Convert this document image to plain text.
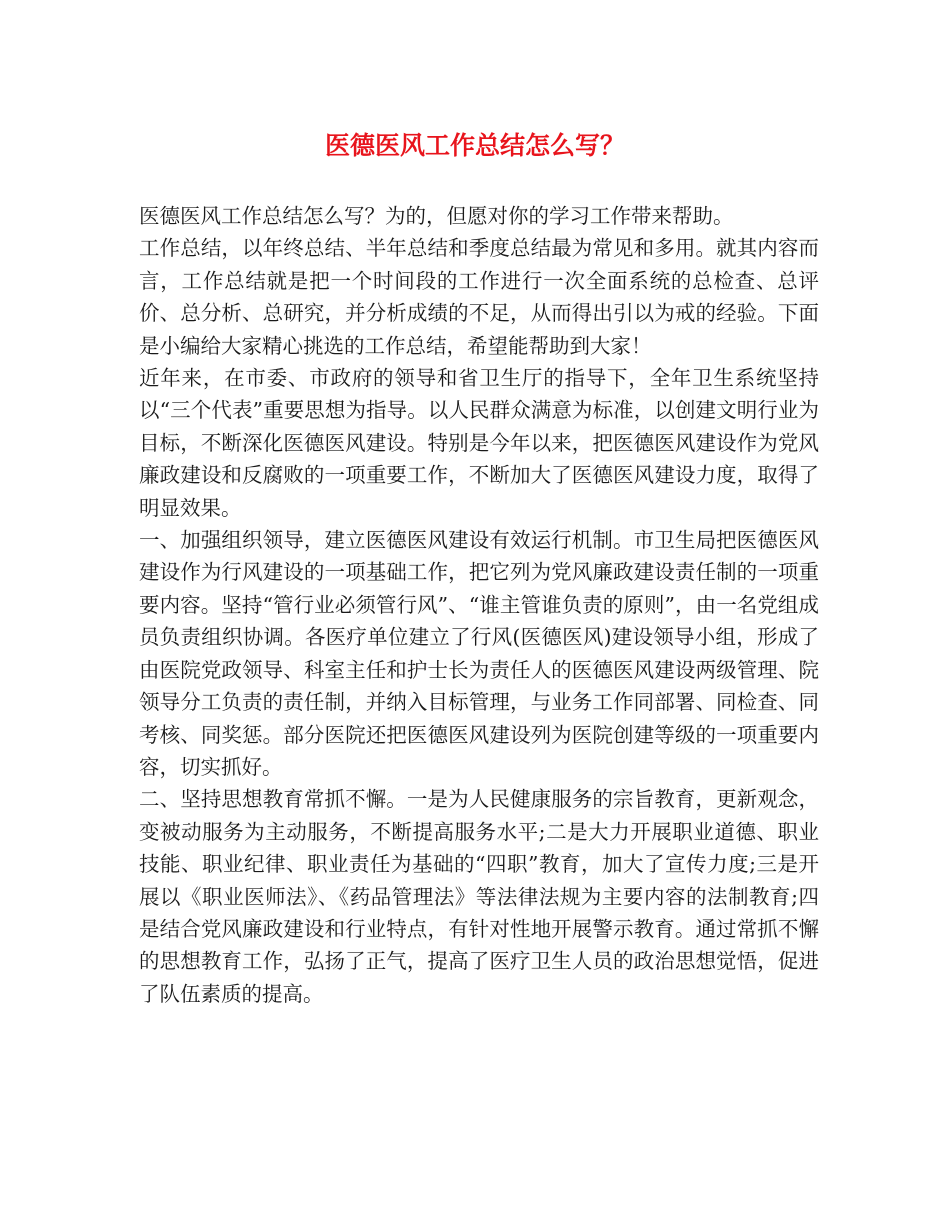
医德医风工作总结怎么写？

医德医风工作总结怎么写？为的，但愿对你的学习工作带来帮助。

工作总结，以年终总结、半年总结和季度总结最为常见和多用。就其内容而言，工作总结就是把一个时间段的工作进行一次全面系统的总检查、总评价、总分析、总研究，并分析成绩的不足，从而得出引以为戒的经验。下面是小编给大家精心挑选的工作总结，希望能帮助到大家！

近年来，在市委、市政府的领导和省卫生厅的指导下，全年卫生系统坚持以“三个代表”重要思想为指导。以人民群众满意为标准，以创建文明行业为目标，不断深化医德医风建设。特别是今年以来，把医德医风建设作为党风廉政建设和反腐败的一项重要工作，不断加大了医德医风建设力度，取得了明显效果。

一、加强组织领导，建立医德医风建设有效运行机制。市卫生局把医德医风建设作为行风建设的一项基础工作，把它列为党风廉政建设责任制的一项重要内容。坚持“管行业必须管行风”、“谁主管谁负责的原则”，由一名党组成员负责组织协调。各医疗单位建立了行风(医德医风)建设领导小组，形成了由医院党政领导、科室主任和护士长为责任人的医德医风建设两级管理、院领导分工负责的责任制，并纳入目标管理，与业务工作同部署、同检查、同考核、同奖惩。部分医院还把医德医风建设列为医院创建等级的一项重要内容，切实抓好。

二、坚持思想教育常抓不懈。一是为人民健康服务的宗旨教育，更新观念，变被动服务为主动服务，不断提高服务水平;二是大力开展职业道德、职业技能、职业纪律、职业责任为基础的“四职”教育，加大了宣传力度;三是开展以《职业医师法》、《药品管理法》等法律法规为主要内容的法制教育;四是结合党风廉政建设和行业特点，有针对性地开展警示教育。通过常抓不懈的思想教育工作，弘扬了正气，提高了医疗卫生人员的政治思想觉悟，促进了队伍素质的提高。
